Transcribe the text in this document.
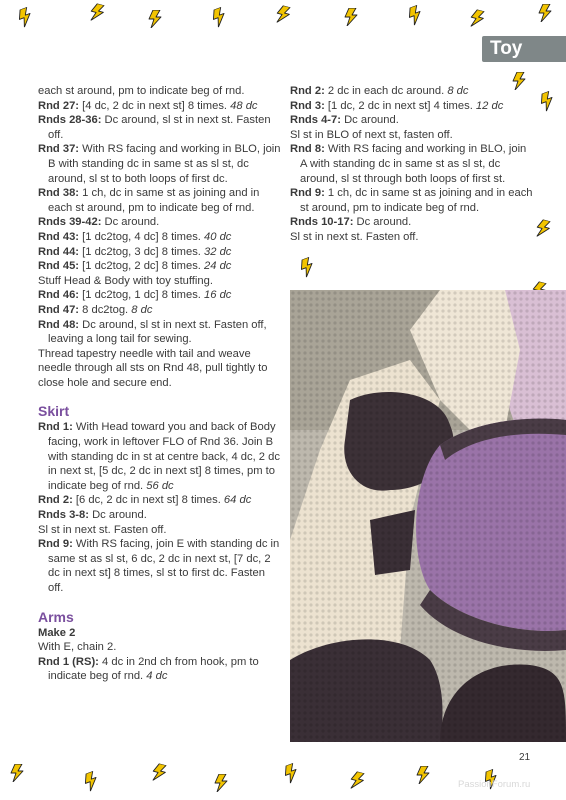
Toy
each st around, pm to indicate beg of rnd.
Rnd 27: [4 dc, 2 dc in next st] 8 times. 48 dc
Rnds 28-36: Dc around, sl st in next st. Fasten off.
Rnd 37: With RS facing and working in BLO, join B with standing dc in same st as sl st, dc around, sl st to both loops of first dc.
Rnd 38: 1 ch, dc in same st as joining and in each st around, pm to indicate beg of rnd.
Rnds 39-42: Dc around.
Rnd 43: [1 dc2tog, 4 dc] 8 times. 40 dc
Rnd 44: [1 dc2tog, 3 dc] 8 times. 32 dc
Rnd 45: [1 dc2tog, 2 dc] 8 times. 24 dc
Stuff Head & Body with toy stuffing.
Rnd 46: [1 dc2tog, 1 dc] 8 times. 16 dc
Rnd 47: 8 dc2tog. 8 dc
Rnd 48: Dc around, sl st in next st. Fasten off, leaving a long tail for sewing.
Thread tapestry needle with tail and weave needle through all sts on Rnd 48, pull tightly to close hole and secure end.
Skirt
Rnd 1: With Head toward you and back of Body facing, work in leftover FLO of Rnd 36. Join B with standing dc in st at centre back, 4 dc, 2 dc in next st, [5 dc, 2 dc in next st] 8 times, pm to indicate beg of rnd. 56 dc
Rnd 2: [6 dc, 2 dc in next st] 8 times. 64 dc
Rnds 3-8: Dc around.
Sl st in next st. Fasten off.
Rnd 9: With RS facing, join E with standing dc in same st as sl st, 6 dc, 2 dc in next st, [7 dc, 2 dc in next st] 8 times, sl st to first dc. Fasten off.
Arms
Make 2
With E, chain 2.
Rnd 1 (RS): 4 dc in 2nd ch from hook, pm to indicate beg of rnd. 4 dc
Rnd 2: 2 dc in each dc around. 8 dc
Rnd 3: [1 dc, 2 dc in next st] 4 times. 12 dc
Rnds 4-7: Dc around.
Sl st in BLO of next st, fasten off.
Rnd 8: With RS facing and working in BLO, join A with standing dc in same st as sl st, dc around, sl st through both loops of first st.
Rnd 9: 1 ch, dc in same st as joining and in each st around, pm to indicate beg of rnd.
Rnds 10-17: Dc around.
Sl st in next st. Fasten off.
21
PassionForum.ru
